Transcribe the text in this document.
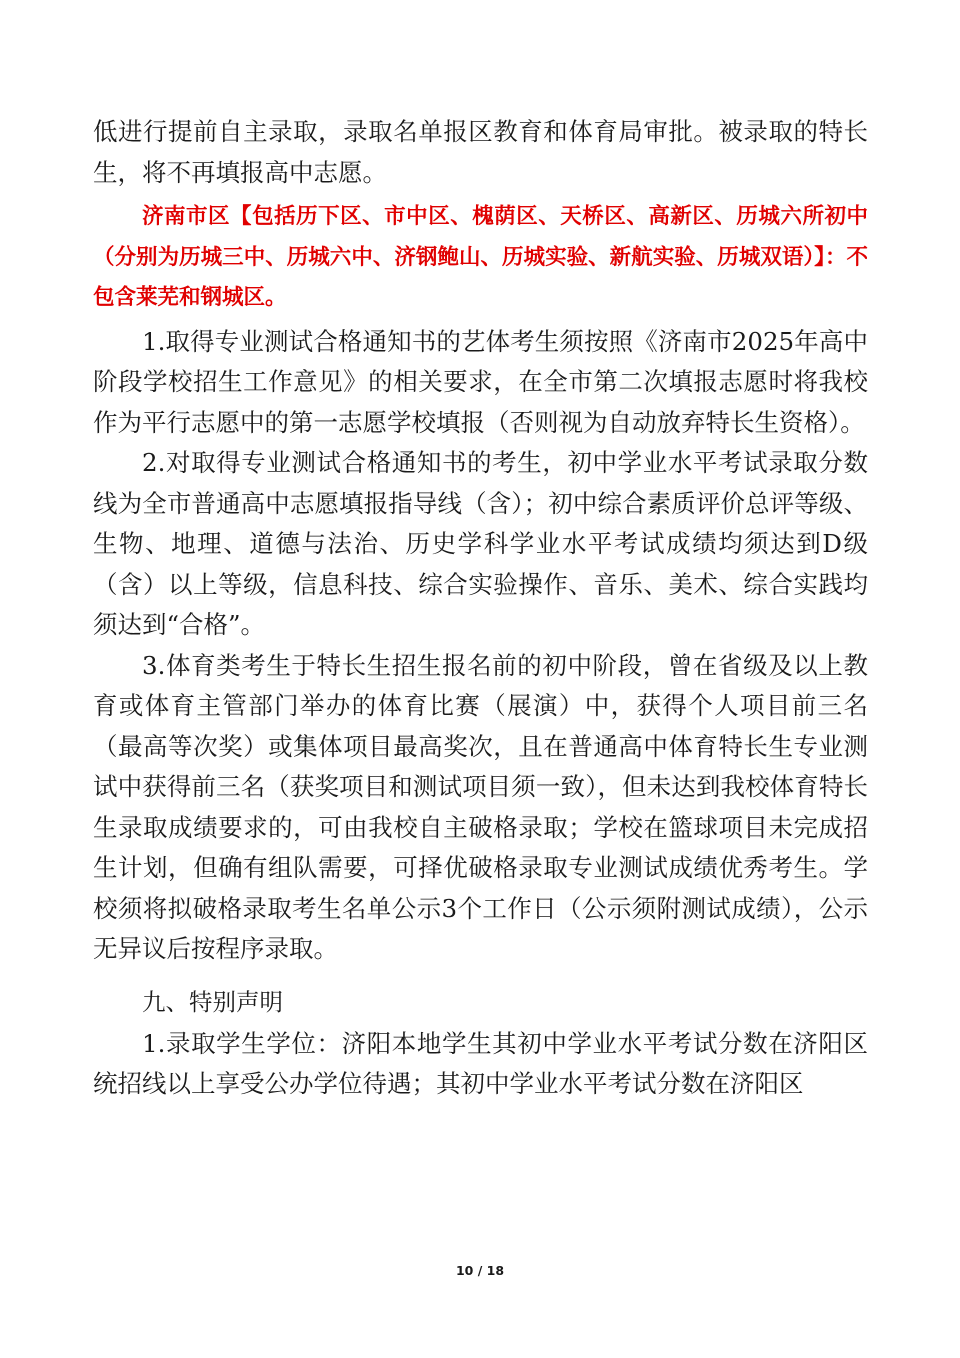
低进行提前自主录取，录取名单报区教育和体育局审批。被录取的特长生，将不再填报高中志愿。

济南市区【包括历下区、市中区、槐荫区、天桥区、高新区、历城六所初中（分别为历城三中、历城六中、济钢鲍山、历城实验、新航实验、历城双语）】：不包含莱芜和钢城区。

1.取得专业测试合格通知书的艺体考生须按照《济南市2025年高中阶段学校招生工作意见》的相关要求，在全市第二次填报志愿时将我校作为平行志愿中的第一志愿学校填报（否则视为自动放弃特长生资格）。

2.对取得专业测试合格通知书的考生，初中学业水平考试录取分数线为全市普通高中志愿填报指导线（含）；初中综合素质评价总评等级、生物、地理、道德与法治、历史学科学业水平考试成绩均须达到D级（含）以上等级，信息科技、综合实验操作、音乐、美术、综合实践均须达到“合格”。

3.体育类考生于特长生招生报名前的初中阶段，曾在省级及以上教育或体育主管部门举办的体育比赛（展演）中，获得个人项目前三名（最高等次奖）或集体项目最高奖次，且在普通高中体育特长生专业测试中获得前三名（获奖项目和测试项目须一致），但未达到我校体育特长生录取成绩要求的，可由我校自主破格录取；学校在篮球项目未完成招生计划，但确有组队需要，可择优破格录取专业测试成绩优秀考生。学校须将拟破格录取考生名单公示3个工作日（公示须附测试成绩），公示无异议后按程序录取。

九、特别声明

1.录取学生学位：济阳本地学生其初中学业水平考试分数在济阳区统招线以上享受公办学位待遇；其初中学业水平考试分数在济阳区

10 / 18
